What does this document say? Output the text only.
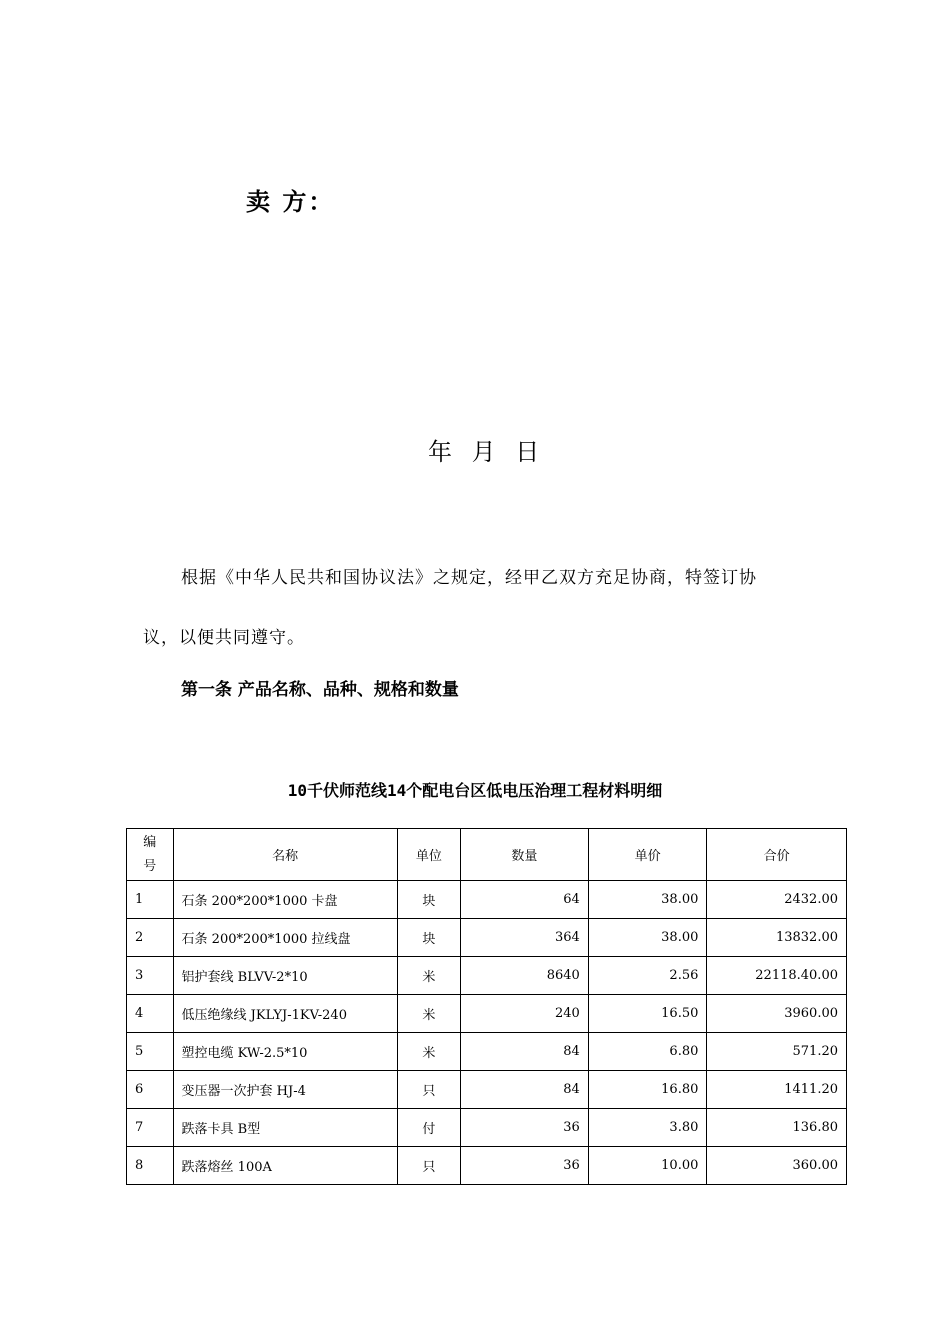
卖 方：
年 月 日
根据《中华人民共和国协议法》之规定，经甲乙双方充足协商，特签订协
议，以便共同遵守。
第一条 产品名称、品种、规格和数量
10千伏师范线14个配电台区低电压治理工程材料明细
编号	名称	单位	数量	单价	合价
1	石条 200*200*1000 卡盘	块	64	38.00	2432.00
2	石条 200*200*1000 拉线盘	块	364	38.00	13832.00
3	铝护套线 BLVV-2*10	米	8640	2.56	22118.40.00
4	低压绝缘线 JKLYJ-1KV-240	米	240	16.50	3960.00
5	塑控电缆 KW-2.5*10	米	84	6.80	571.20
6	变压器一次护套 HJ-4	只	84	16.80	1411.20
7	跌落卡具 B型	付	36	3.80	136.80
8	跌落熔丝 100A	只	36	10.00	360.00
